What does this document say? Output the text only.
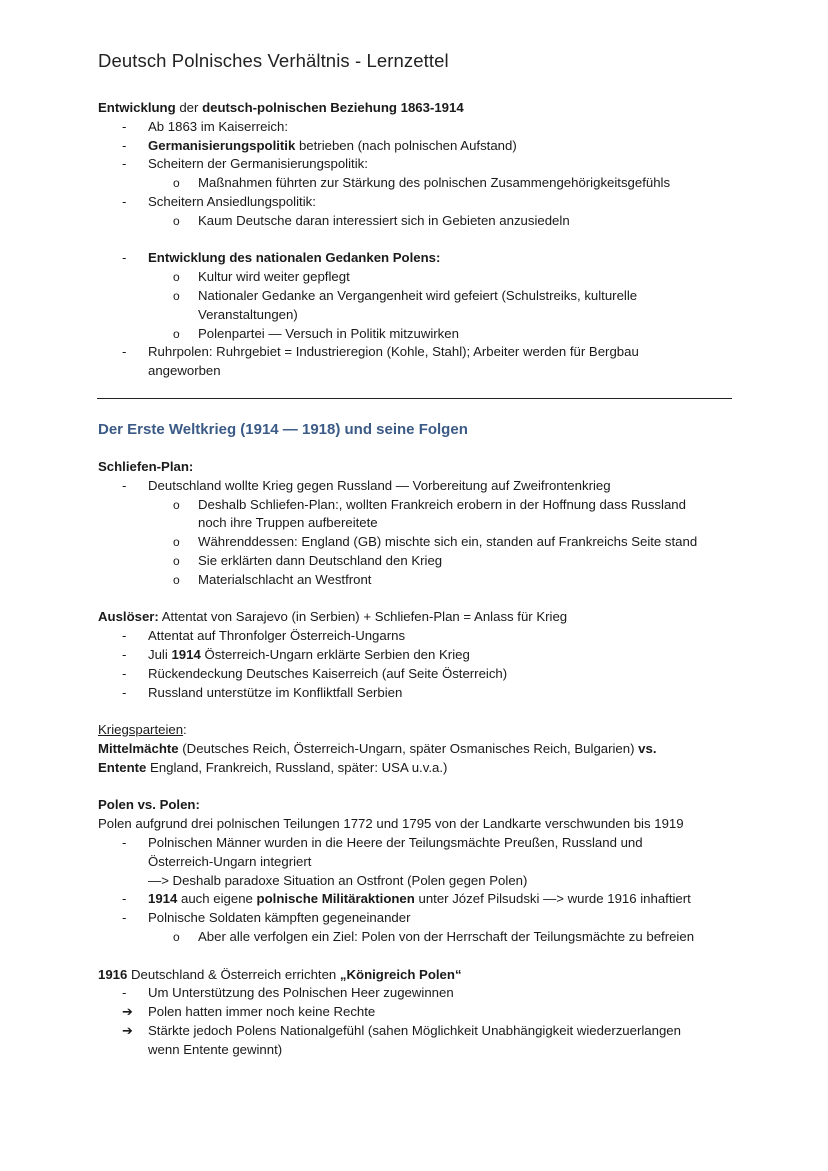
Deutsch Polnisches Verhältnis - Lernzettel
Entwicklung der deutsch-polnischen Beziehung 1863-1914
- Ab 1863 im Kaiserreich:
- Germanisierungspolitik betrieben (nach polnischen Aufstand)
- Scheitern der Germanisierungspolitik:
o Maßnahmen führten zur Stärkung des polnischen Zusammengehörigkeitsgefühls
- Scheitern Ansiedlungspolitik:
o Kaum Deutsche daran interessiert sich in Gebieten anzusiedeln
- Entwicklung des nationalen Gedanken Polens:
o Kultur wird weiter gepflegt
o Nationaler Gedanke an Vergangenheit wird gefeiert (Schulstreiks, kulturelle
Veranstaltungen)
o Polenpartei — Versuch in Politik mitzuwirken
- Ruhrpolen: Ruhrgebiet = Industrieregion (Kohle, Stahl); Arbeiter werden für Bergbau
angeworben
Der Erste Weltkrieg (1914 — 1918) und seine Folgen
Schliefen-Plan:
- Deutschland wollte Krieg gegen Russland — Vorbereitung auf Zweifrontenkrieg
o Deshalb Schliefen-Plan:, wollten Frankreich erobern in der Hoffnung dass Russland
noch ihre Truppen aufbereitete
o Währenddessen: England (GB) mischte sich ein, standen auf Frankreichs Seite stand
o Sie erklärten dann Deutschland den Krieg
o Materialschlacht an Westfront
Auslöser: Attentat von Sarajevo (in Serbien) + Schliefen-Plan = Anlass für Krieg
- Attentat auf Thronfolger Österreich-Ungarns
- Juli 1914 Österreich-Ungarn erklärte Serbien den Krieg
- Rückendeckung Deutsches Kaiserreich (auf Seite Österreich)
- Russland unterstütze im Konfliktfall Serbien
Kriegsparteien:
Mittelmächte (Deutsches Reich, Österreich-Ungarn, später Osmanisches Reich, Bulgarien) vs.
Entente England, Frankreich, Russland, später: USA u.v.a.)
Polen vs. Polen:
Polen aufgrund drei polnischen Teilungen 1772 und 1795 von der Landkarte verschwunden bis 1919
- Polnischen Männer wurden in die Heere der Teilungsmächte Preußen, Russland und
Österreich-Ungarn integriert
—> Deshalb paradoxe Situation an Ostfront (Polen gegen Polen)
- 1914 auch eigene polnische Militäraktionen unter Józef Pilsudski —> wurde 1916 inhaftiert
- Polnische Soldaten kämpften gegeneinander
o Aber alle verfolgen ein Ziel: Polen von der Herrschaft der Teilungsmächte zu befreien
1916 Deutschland & Österreich errichten „Königreich Polen“
- Um Unterstützung des Polnischen Heer zugewinnen
➔ Polen hatten immer noch keine Rechte
➔ Stärkte jedoch Polens Nationalgefühl (sahen Möglichkeit Unabhängigkeit wiederzuerlangen
wenn Entente gewinnt)
